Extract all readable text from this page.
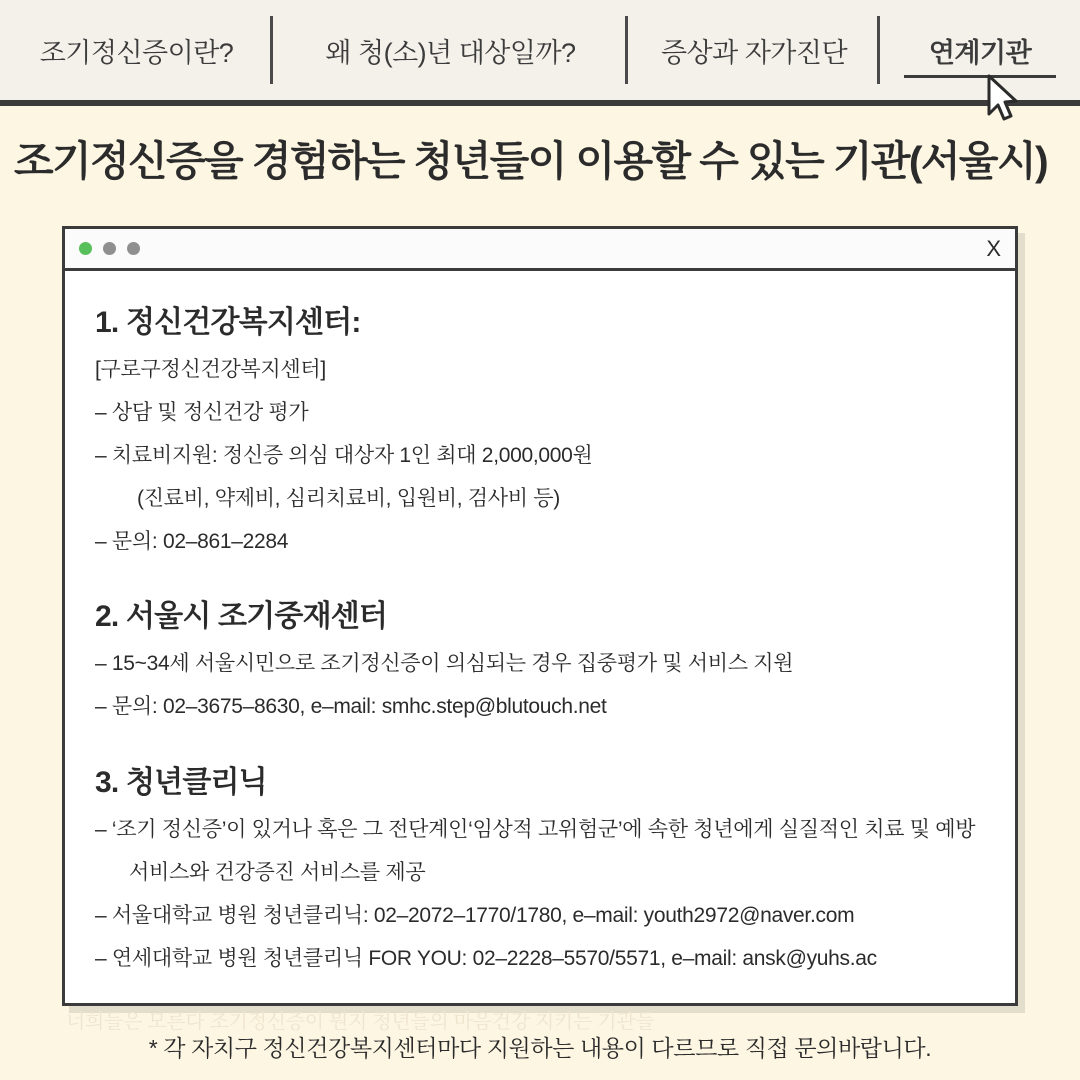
조기정신증이란?	왜 청(소)년 대상일까?	증상과 자가진단	연계기관
조기정신증을 경험하는 청년들이 이용할 수 있는 기관(서울시)
X
1. 정신건강복지센터:
[구로구정신건강복지센터]
– 상담 및 정신건강 평가
– 치료비지원: 정신증 의심 대상자 1인 최대 2,000,000원
(진료비, 약제비, 심리치료비, 입원비, 검사비 등)
– 문의: 02–861–2284
2. 서울시 조기중재센터
– 15~34세 서울시민으로 조기정신증이 의심되는 경우 집중평가 및 서비스 지원
– 문의: 02–3675–8630, e–mail: smhc.step@blutouch.net
3. 청년클리닉
– ‘조기 정신증’이 있거나 혹은 그 전단계인‘임상적 고위험군’에 속한 청년에게 실질적인 치료 및 예방
서비스와 건강증진 서비스를 제공
– 서울대학교 병원 청년클리닉: 02–2072–1770/1780, e–mail: youth2972@naver.com
– 연세대학교 병원 청년클리닉 FOR YOU: 02–2228–5570/5571, e–mail: ansk@yuhs.ac
너희들은 모른다 조기정신증이 뭔지 청년들의 마음건강 지키는 기관들
* 각 자치구 정신건강복지센터마다 지원하는 내용이 다르므로 직접 문의바랍니다.
